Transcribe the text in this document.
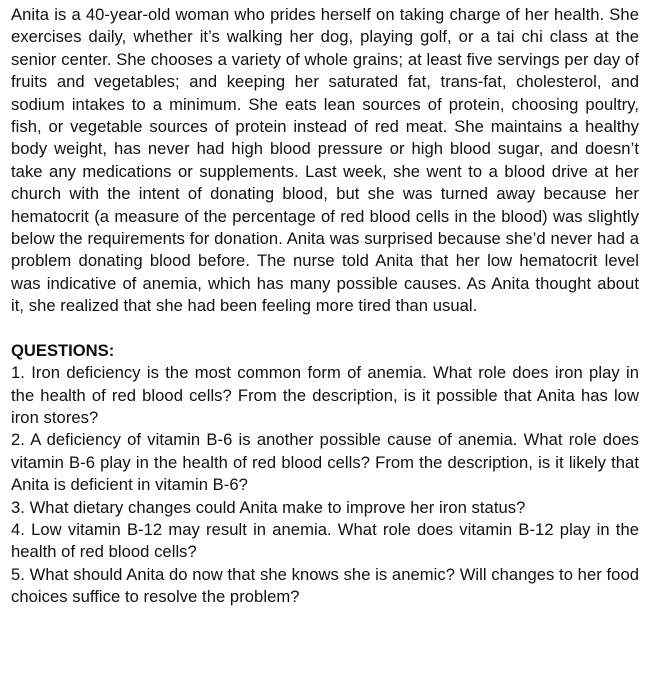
Anita is a 40-year-old woman who prides herself on taking charge of her health. She exercises daily, whether it’s walking her dog, playing golf, or a tai chi class at the senior center. She chooses a variety of whole grains; at least five servings per day of fruits and vegetables; and keeping her saturated fat, trans-fat, cholesterol, and sodium intakes to a minimum. She eats lean sources of protein, choosing poultry, fish, or vegetable sources of protein instead of red meat. She maintains a healthy body weight, has never had high blood pressure or high blood sugar, and doesn’t take any medications or supplements. Last week, she went to a blood drive at her church with the intent of donating blood, but she was turned away because her hematocrit (a measure of the percentage of red blood cells in the blood) was slightly below the requirements for donation. Anita was surprised because she’d never had a problem donating blood before. The nurse told Anita that her low hematocrit level was indicative of anemia, which has many possible causes. As Anita thought about it, she realized that she had been feeling more tired than usual.

QUESTIONS:
1. Iron deficiency is the most common form of anemia. What role does iron play in the health of red blood cells? From the description, is it possible that Anita has low iron stores?
2. A deficiency of vitamin B-6 is another possible cause of anemia. What role does vitamin B-6 play in the health of red blood cells? From the description, is it likely that Anita is deficient in vitamin B-6?
3. What dietary changes could Anita make to improve her iron status?
4. Low vitamin B-12 may result in anemia. What role does vitamin B-12 play in the health of red blood cells?
5. What should Anita do now that she knows she is anemic? Will changes to her food choices suffice to resolve the problem?
